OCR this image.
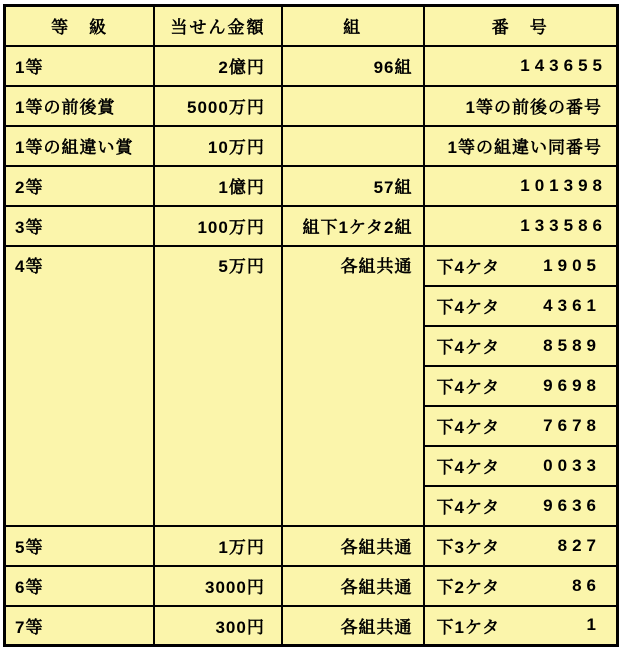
等　級	当せん金額	組	番　号
1等	2億円	96組	143655
1等の前後賞	5000万円		1等の前後の番号
1等の組違い賞	10万円		1等の組違い同番号
2等	1億円	57組	101398
3等	100万円	組下1ケタ2組	133586
4等	5万円	各組共通	下4ケタ 1905

			下4ケタ 4361

			下4ケタ 8589

			下4ケタ 9698

			下4ケタ 7678

			下4ケタ 0033

			下4ケタ 9636

5等	1万円	各組共通	下3ケタ 827

6等	3000円	各組共通	下2ケタ 86

7等	300円	各組共通	下1ケタ 1
